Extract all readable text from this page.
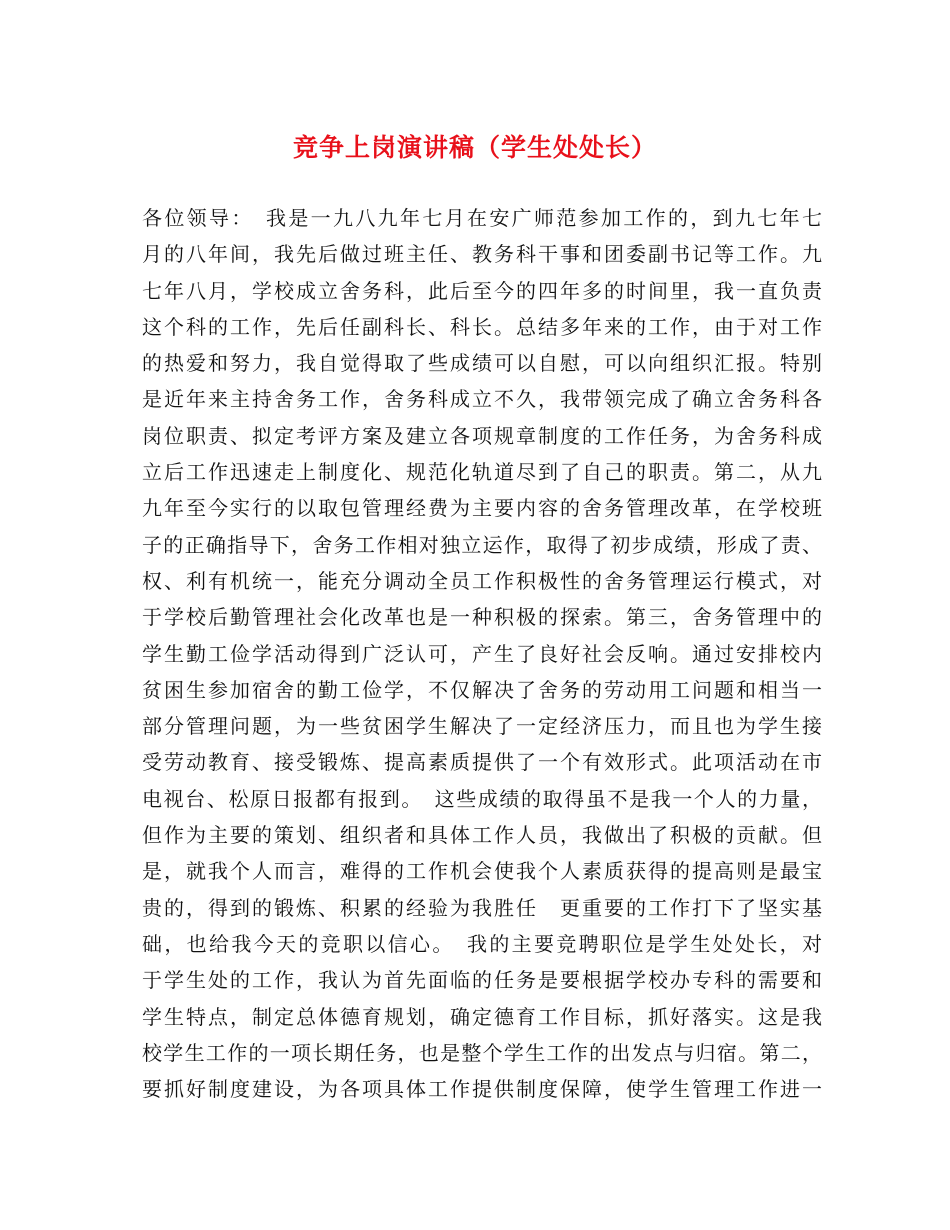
竞争上岗演讲稿（学生处处长）
各位领导：　我是一九八九年七月在安广师范参加工作的，到九七年七
月的八年间，我先后做过班主任、教务科干事和团委副书记等工作。九
七年八月，学校成立舍务科，此后至今的四年多的时间里，我一直负责
这个科的工作，先后任副科长、科长。总结多年来的工作，由于对工作
的热爱和努力，我自觉得取了些成绩可以自慰，可以向组织汇报。特别
是近年来主持舍务工作，舍务科成立不久，我带领完成了确立舍务科各
岗位职责、拟定考评方案及建立各项规章制度的工作任务，为舍务科成
立后工作迅速走上制度化、规范化轨道尽到了自己的职责。第二，从九
九年至今实行的以取包管理经费为主要内容的舍务管理改革，在学校班
子的正确指导下，舍务工作相对独立运作，取得了初步成绩，形成了责、
权、利有机统一，能充分调动全员工作积极性的舍务管理运行模式，对
于学校后勤管理社会化改革也是一种积极的探索。第三，舍务管理中的
学生勤工俭学活动得到广泛认可，产生了良好社会反响。通过安排校内
贫困生参加宿舍的勤工俭学，不仅解决了舍务的劳动用工问题和相当一
部分管理问题，为一些贫困学生解决了一定经济压力，而且也为学生接
受劳动教育、接受锻炼、提高素质提供了一个有效形式。此项活动在市
电视台、松原日报都有报到。　这些成绩的取得虽不是我一个人的力量，
但作为主要的策划、组织者和具体工作人员，我做出了积极的贡献。但
是，就我个人而言，难得的工作机会使我个人素质获得的提高则是最宝
贵的，得到的锻炼、积累的经验为我胜任　更重要的工作打下了坚实基
础，也给我今天的竞职以信心。　我的主要竞聘职位是学生处处长，对
于学生处的工作，我认为首先面临的任务是要根据学校办专科的需要和
学生特点，制定总体德育规划，确定德育工作目标，抓好落实。这是我
校学生工作的一项长期任务，也是整个学生工作的出发点与归宿。第二，
要抓好制度建设，为各项具体工作提供制度保障，使学生管理工作进一
